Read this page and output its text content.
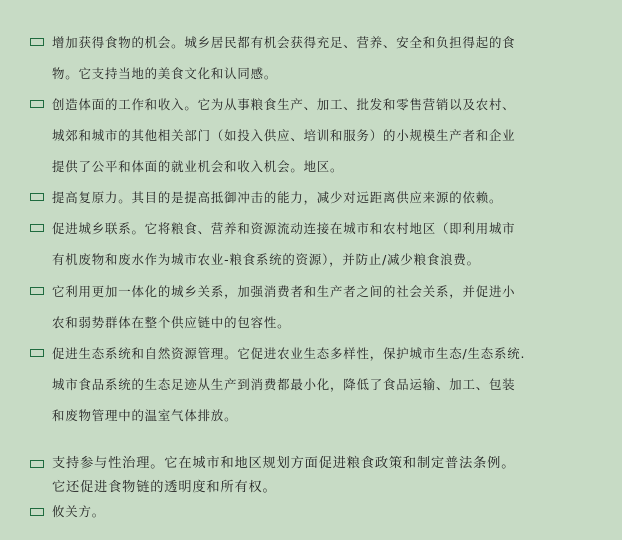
增加获得食物的机会。城乡居民都有机会获得充足、营养、安全和负担得起的食
物。它支持当地的美食文化和认同感。
创造体面的工作和收入。它为从事粮食生产、加工、批发和零售营销以及农村、
城郊和城市的其他相关部门（如投入供应、培训和服务）的小规模生产者和企业
提供了公平和体面的就业机会和收入机会。地区。
提高复原力。其目的是提高抵御冲击的能力，减少对远距离供应来源的依赖。
促进城乡联系。它将粮食、营养和资源流动连接在城市和农村地区（即利用城市
有机废物和废水作为城市农业-粮食系统的资源），并防止/减少粮食浪费。
它利用更加一体化的城乡关系，加强消费者和生产者之间的社会关系，并促进小
农和弱势群体在整个供应链中的包容性。
促进生态系统和自然资源管理。它促进农业生态多样性，保护城市生态/生态系统.
城市食品系统的生态足迹从生产到消费都最小化，降低了食品运输、加工、包装
和废物管理中的温室气体排放。
支持参与性治理。它在城市和地区规划方面促进粮食政策和制定普法条例。
它还促进食物链的透明度和所有权。
攸关方。
